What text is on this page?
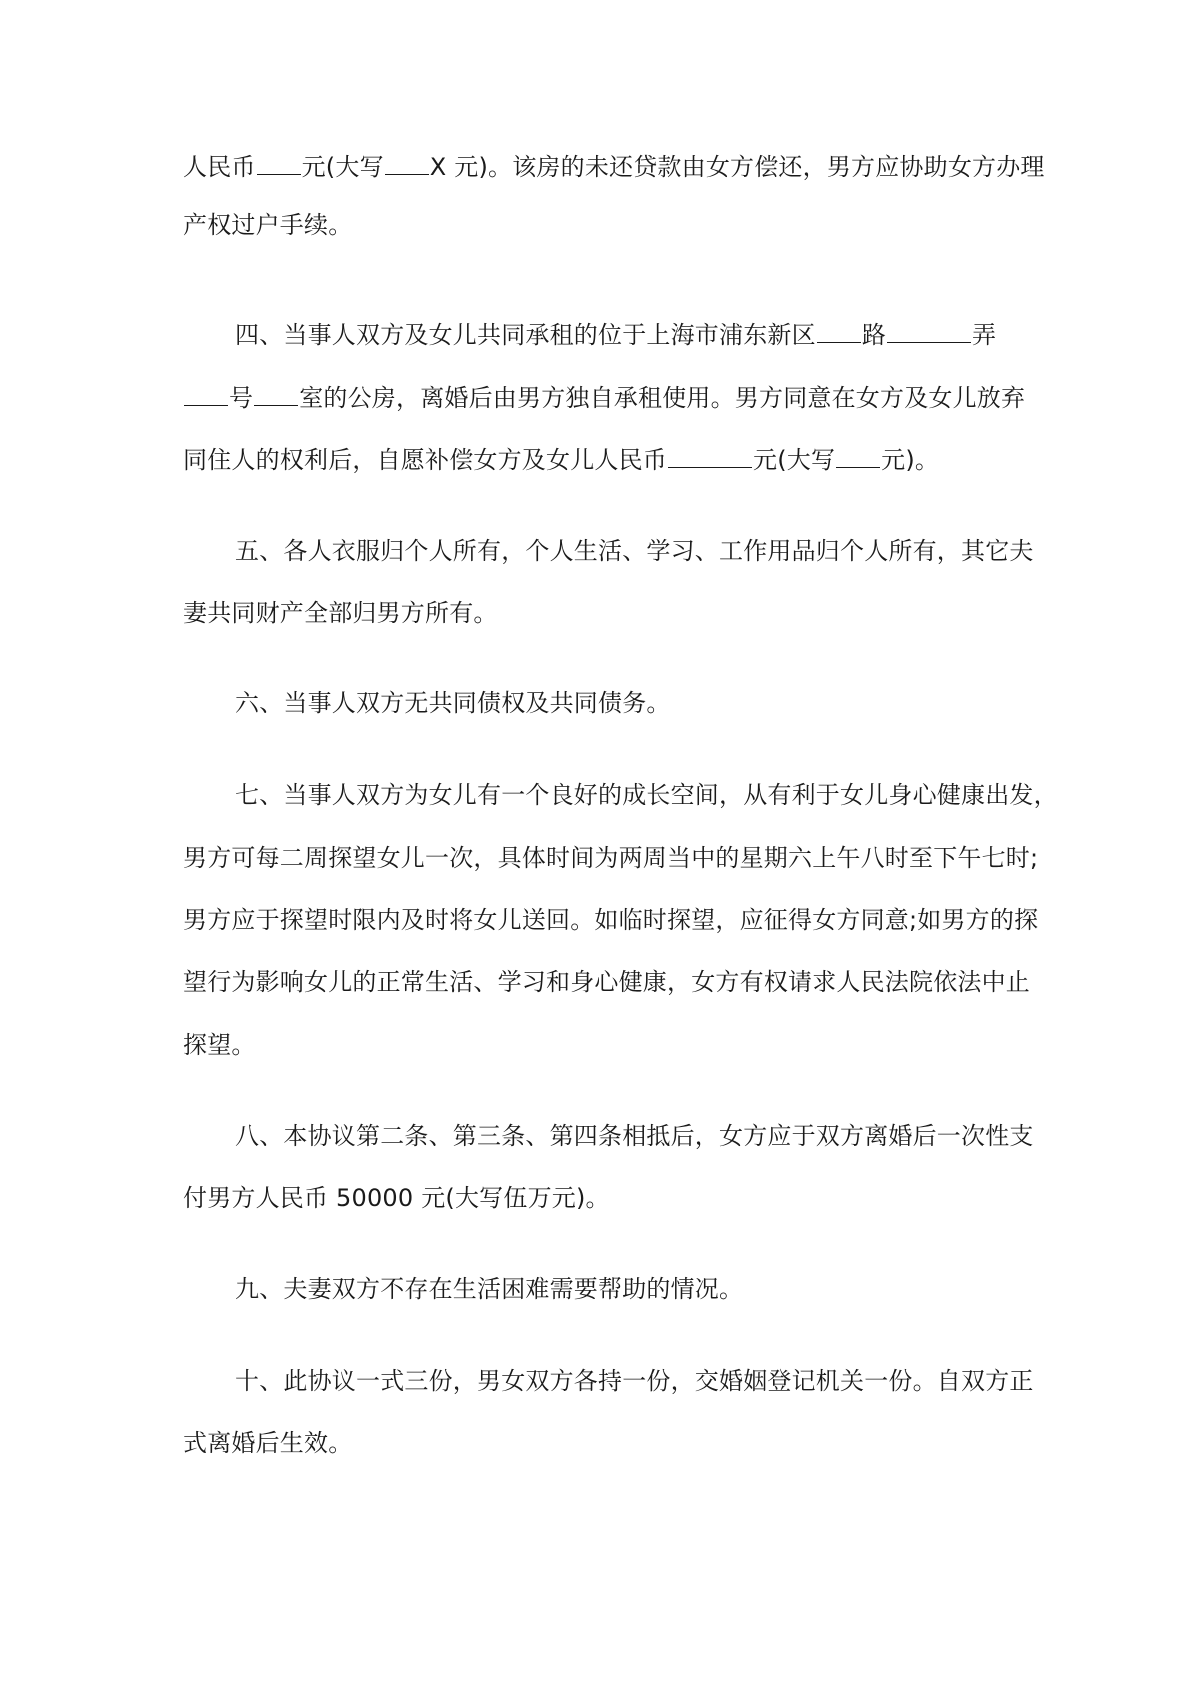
人民币 元(大写 X 元)。该房的未还贷款由女方偿还，男方应协助女方办理
产权过户手续。
四、当事人双方及女儿共同承租的位于上海市浦东新区 路	弄
号 室的公房，离婚后由男方独自承租使用。男方同意在女方及女儿放弃
同住人的权利后，自愿补偿女方及女儿人民币	元(大写 元)。
五、各人衣服归个人所有，个人生活、学习、工作用品归个人所有，其它夫
妻共同财产全部归男方所有。
六、当事人双方无共同债权及共同债务。
七、当事人双方为女儿有一个良好的成长空间，从有利于女儿身心健康出发，
男方可每二周探望女儿一次，具体时间为两周当中的星期六上午八时至下午七时;
男方应于探望时限内及时将女儿送回。如临时探望，应征得女方同意;如男方的探
望行为影响女儿的正常生活、学习和身心健康，女方有权请求人民法院依法中止
探望。
八、本协议第二条、第三条、第四条相抵后，女方应于双方离婚后一次性支
付男方人民币 50000 元(大写伍万元)。
九、夫妻双方不存在生活困难需要帮助的情况。
十、此协议一式三份，男女双方各持一份，交婚姻登记机关一份。自双方正
式离婚后生效。
